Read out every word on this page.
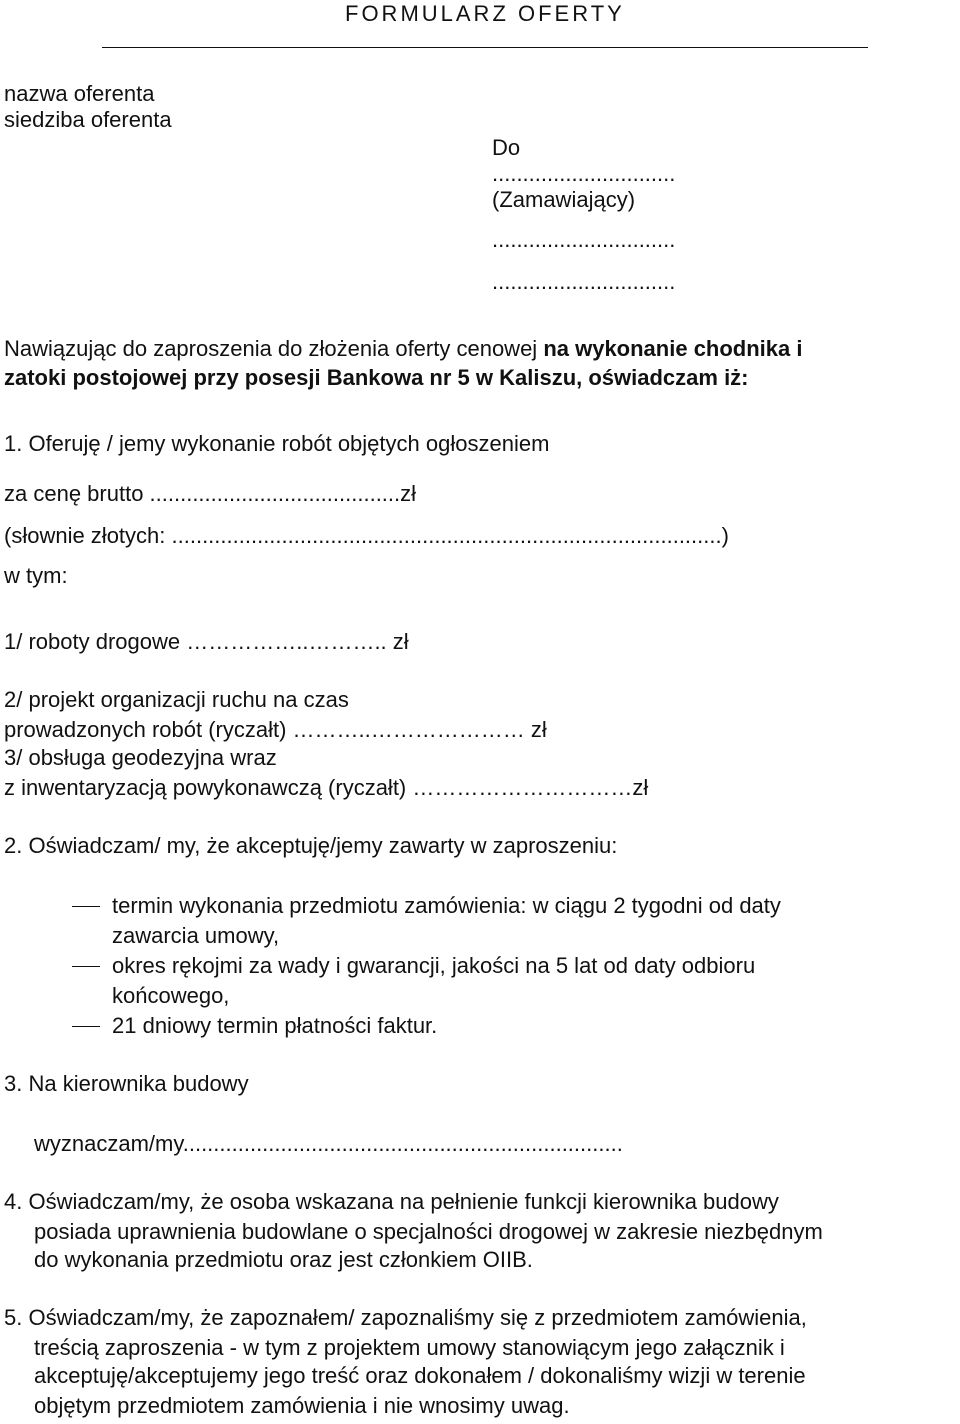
FORMULARZ OFERTY
nazwa oferenta
siedziba oferenta
Do
..............................
(Zamawiający)
..............................
..............................
Nawiązując do zaproszenia do złożenia oferty cenowej na wykonanie chodnika i
zatoki postojowej przy posesji Bankowa nr 5 w Kaliszu, oświadczam iż:
1. Oferuję / jemy wykonanie robót objętych ogłoszeniem
za cenę brutto .........................................zł
(słownie złotych: ..........................................................................................)
w tym:
1/ roboty drogowe ……………..……….. zł
2/ projekt organizacji ruchu na czas
prowadzonych robót (ryczałt) ………..………………… zł
3/ obsługa geodezyjna wraz
z inwentaryzacją powykonawczą (ryczałt) …………………………zł
2. Oświadczam/ my, że akceptuję/jemy zawarty w zaproszeniu:
termin wykonania przedmiotu zamówienia: w ciągu 2 tygodni od daty
zawarcia umowy,
okres rękojmi za wady i gwarancji, jakości na 5 lat od daty odbioru
końcowego,
21 dniowy termin płatności faktur.
3. Na kierownika budowy
wyznaczam/my........................................................................
4. Oświadczam/my, że osoba wskazana na pełnienie funkcji kierownika budowy
posiada uprawnienia budowlane o specjalności drogowej w zakresie niezbędnym
do wykonania przedmiotu oraz jest członkiem OIIB.
5. Oświadczam/my, że zapoznałem/ zapoznaliśmy się z przedmiotem zamówienia,
treścią zaproszenia - w tym z projektem umowy stanowiącym jego załącznik i
akceptuję/akceptujemy jego treść oraz dokonałem / dokonaliśmy wizji w terenie
objętym przedmiotem zamówienia i nie wnosimy uwag.
